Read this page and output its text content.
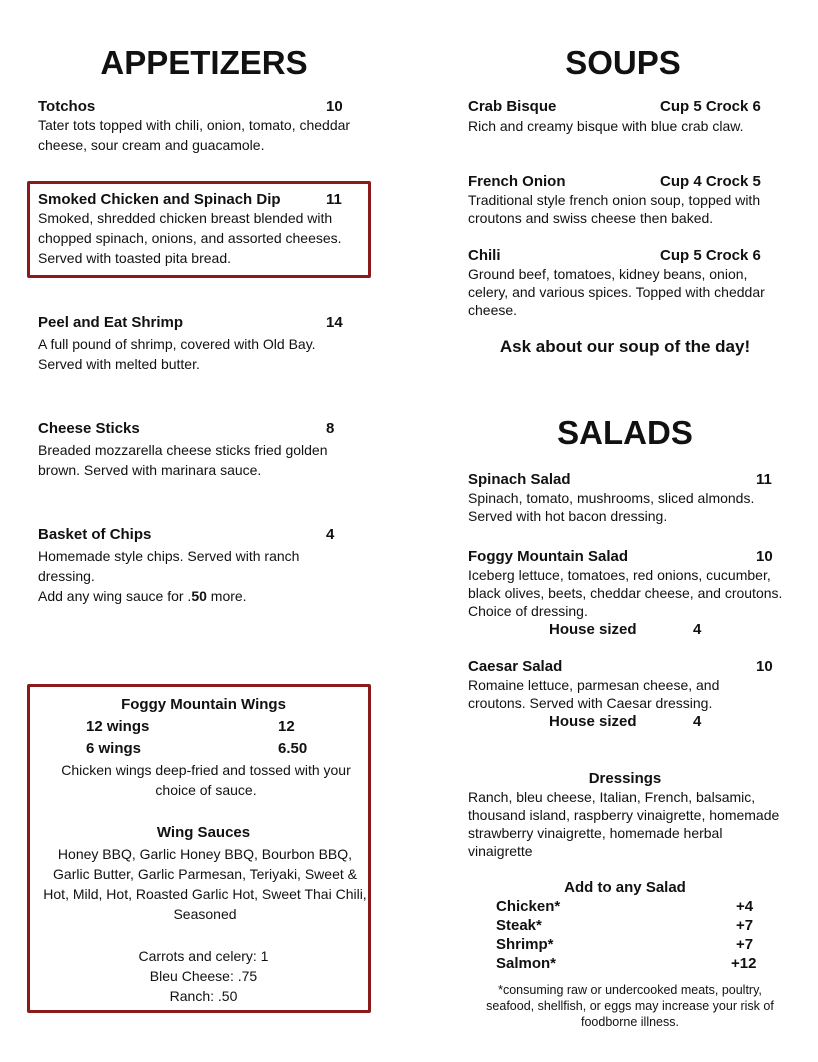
APPETIZERS
Totchos	10
Tater tots topped with chili, onion, tomato, cheddar cheese, sour cream and guacamole.
Smoked Chicken and Spinach Dip	11
Smoked, shredded chicken breast blended with chopped spinach, onions, and assorted cheeses. Served with toasted pita bread.
Peel and Eat Shrimp	14
A full pound of shrimp, covered with Old Bay. Served with melted butter.
Cheese Sticks	8
Breaded mozzarella cheese sticks fried golden brown. Served with marinara sauce.
Basket of Chips	4
Homemade style chips. Served with ranch dressing.
Add any wing sauce for .50 more.
Foggy Mountain Wings
12 wings	12
6 wings	6.50
Chicken wings deep-fried and tossed with your choice of sauce.
Wing Sauces
Honey BBQ, Garlic Honey BBQ, Bourbon BBQ, Garlic Butter, Garlic Parmesan, Teriyaki, Sweet & Hot, Mild, Hot, Roasted Garlic Hot, Sweet Thai Chili, Seasoned
Carrots and celery: 1
Bleu Cheese: .75
Ranch: .50
SOUPS
Crab Bisque	Cup 5 Crock 6
Rich and creamy bisque with blue crab claw.
French Onion	Cup 4 Crock 5
Traditional style french onion soup, topped with croutons and swiss cheese then baked.
Chili	Cup 5 Crock 6
Ground beef, tomatoes, kidney beans, onion, celery, and various spices. Topped with cheddar cheese.
Ask about our soup of the day!
SALADS
Spinach Salad	11
Spinach, tomato, mushrooms, sliced almonds. Served with hot bacon dressing.
Foggy Mountain Salad	10
Iceberg lettuce, tomatoes, red onions, cucumber, black olives, beets, cheddar cheese, and croutons. Choice of dressing.
House sized	4
Caesar Salad	10
Romaine lettuce, parmesan cheese, and croutons. Served with Caesar dressing.
House sized	4
Dressings
Ranch, bleu cheese, Italian, French, balsamic, thousand island, raspberry vinaigrette, homemade strawberry vinaigrette, homemade herbal vinaigrette
Add to any Salad
Chicken*	+4
Steak*	+7
Shrimp*	+7
Salmon*	+12
*consuming raw or undercooked meats, poultry, seafood, shellfish, or eggs may increase your risk of foodborne illness.
